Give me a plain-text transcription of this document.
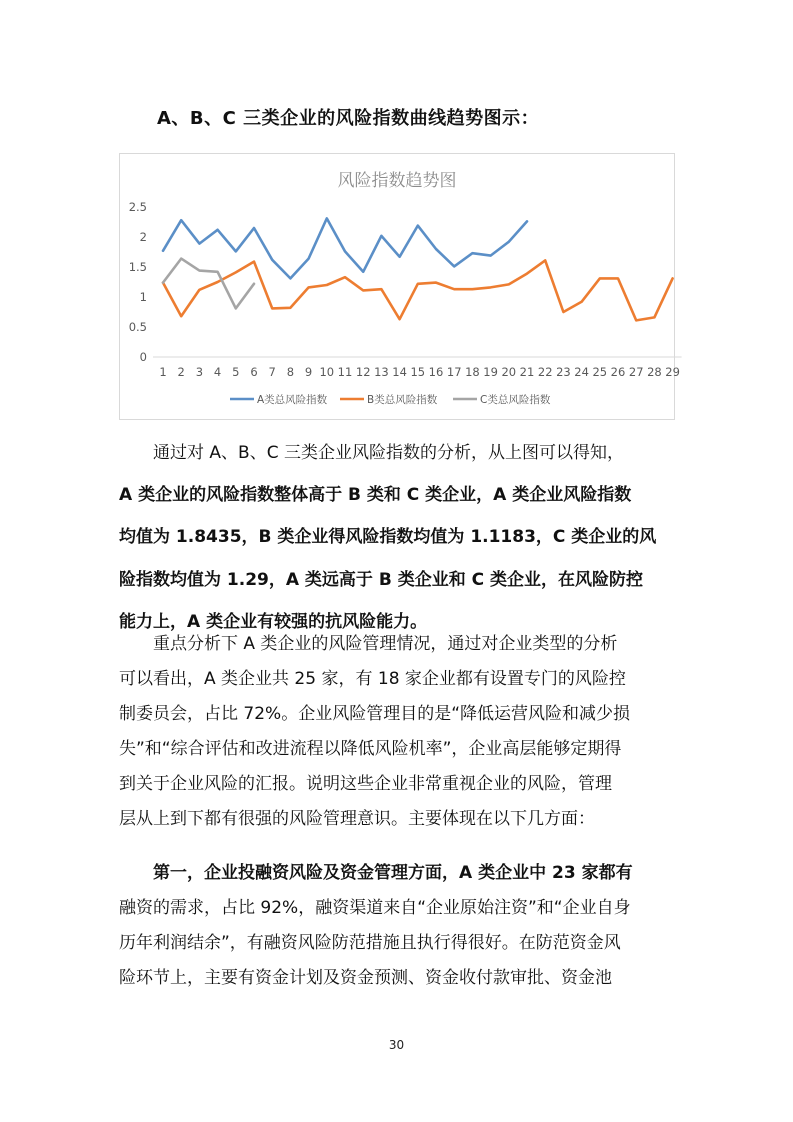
A、B、C 三类企业的风险指数曲线趋势图示：
风险指数趋势图
0
0.5
1
1.5
2
2.5
1 2 3 4 5 6 7 8 9 10 11 12 13 14 15 16 17 18 19 20 21 22 23 24 25 26 27 28 29
A类总风险指数	B类总风险指数	C类总风险指数
通过对 A、B、C 三类企业风险指数的分析，从上图可以得知，
A 类企业的风险指数整体高于 B 类和 C 类企业，A 类企业风险指数
均值为 1.8435，B 类企业得风险指数均值为 1.1183，C 类企业的风
险指数均值为 1.29，A 类远高于 B 类企业和 C 类企业，在风险防控
能力上，A 类企业有较强的抗风险能力。
重点分析下 A 类企业的风险管理情况，通过对企业类型的分析
可以看出，A 类企业共 25 家，有 18 家企业都有设置专门的风险控
制委员会，占比 72%。企业风险管理目的是“降低运营风险和减少损
失”和“综合评估和改进流程以降低风险机率”，企业高层能够定期得
到关于企业风险的汇报。说明这些企业非常重视企业的风险，管理
层从上到下都有很强的风险管理意识。主要体现在以下几方面：
第一，企业投融资风险及资金管理方面，A 类企业中 23 家都有
融资的需求，占比 92%，融资渠道来自“企业原始注资”和“企业自身
历年利润结余”，有融资风险防范措施且执行得很好。在防范资金风
险环节上，主要有资金计划及资金预测、资金收付款审批、资金池
30
